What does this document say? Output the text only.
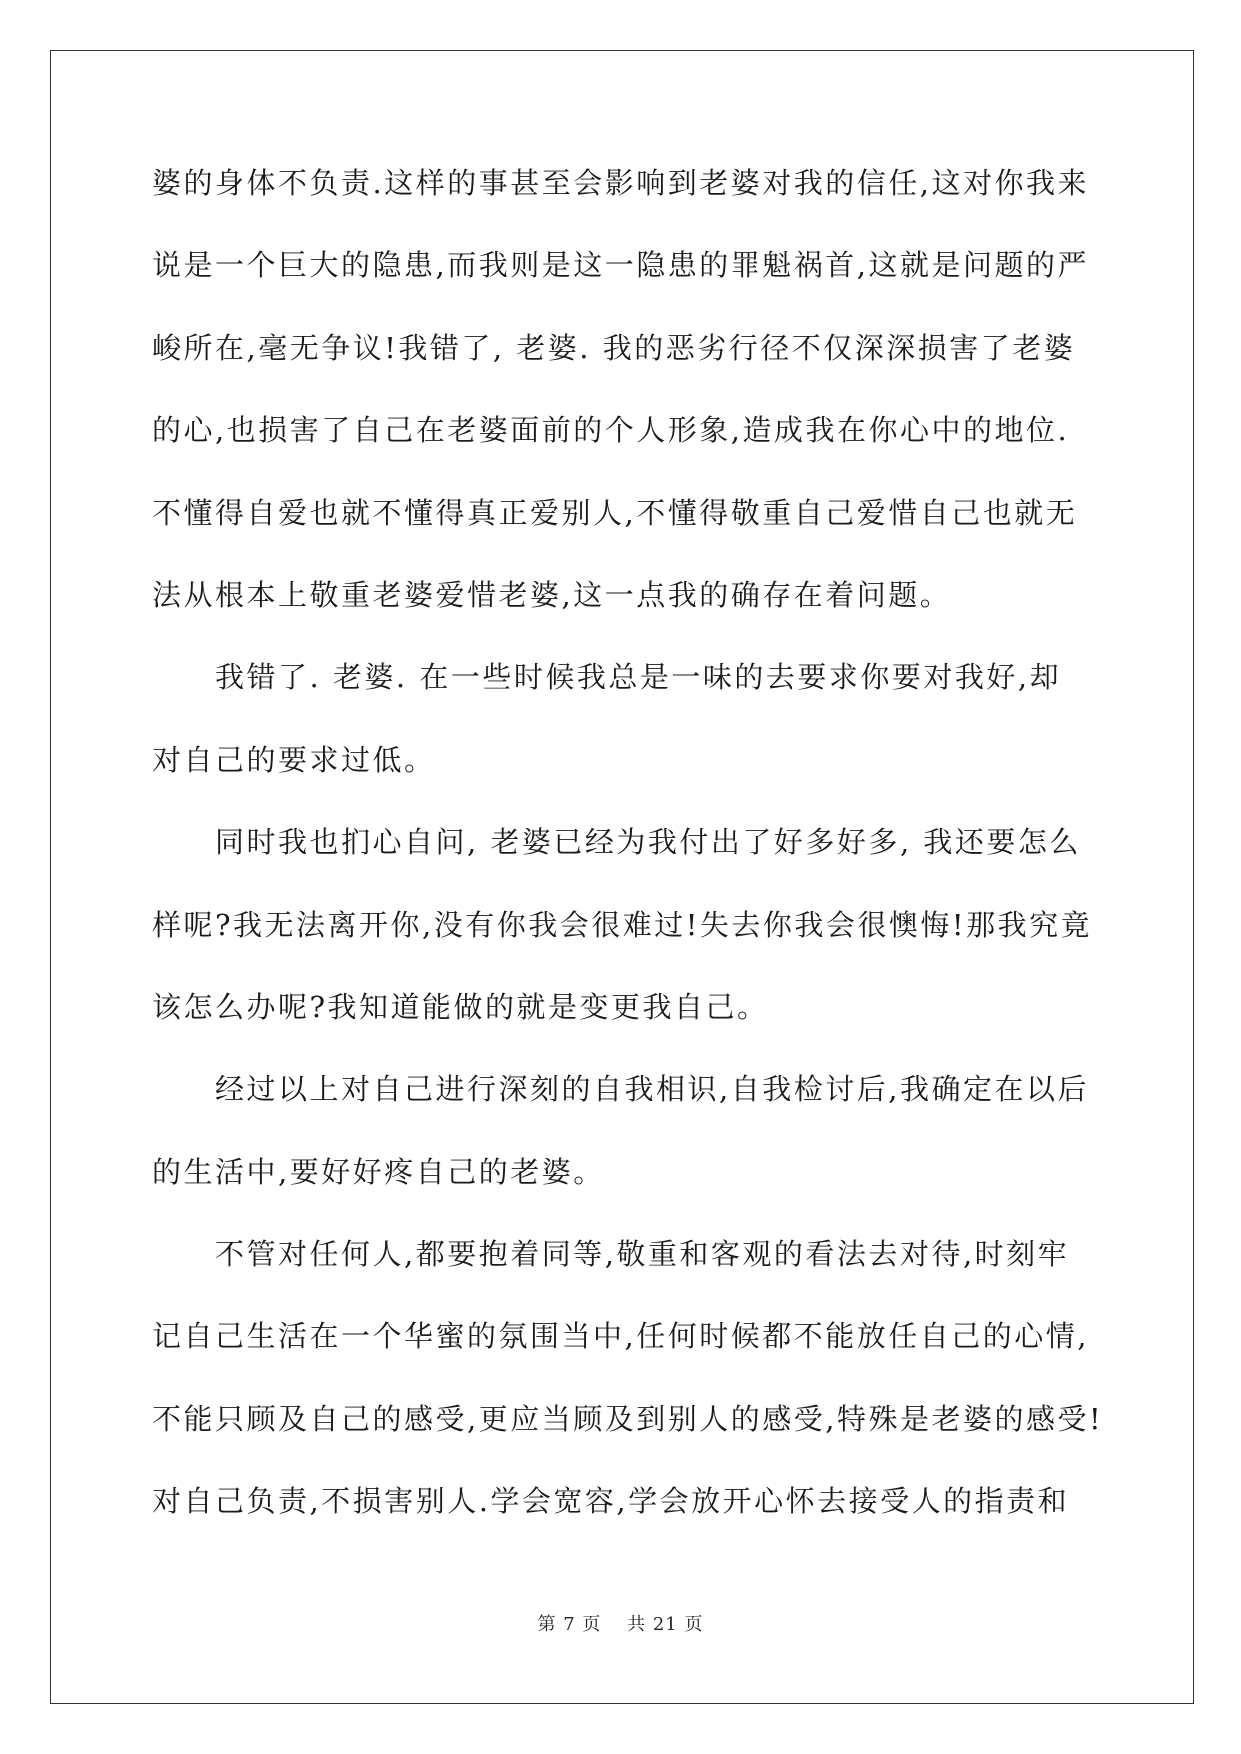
婆的身体不负责.这样的事甚至会影响到老婆对我的信任,这对你我来
说是一个巨大的隐患,而我则是这一隐患的罪魁祸首,这就是问题的严
峻所在,毫无争议!我错了, 老婆. 我的恶劣行径不仅深深损害了老婆
的心,也损害了自己在老婆面前的个人形象,造成我在你心中的地位.
不懂得自爱也就不懂得真正爱别人,不懂得敬重自己爱惜自己也就无
法从根本上敬重老婆爱惜老婆,这一点我的确存在着问题。
我错了. 老婆. 在一些时候我总是一味的去要求你要对我好,却
对自己的要求过低。
同时我也扪心自问, 老婆已经为我付出了好多好多, 我还要怎么
样呢?我无法离开你,没有你我会很难过!失去你我会很懊悔!那我究竟
该怎么办呢?我知道能做的就是变更我自己。
经过以上对自己进行深刻的自我相识,自我检讨后,我确定在以后
的生活中,要好好疼自己的老婆。
不管对任何人,都要抱着同等,敬重和客观的看法去对待,时刻牢
记自己生活在一个华蜜的氛围当中,任何时候都不能放任自己的心情,
不能只顾及自己的感受,更应当顾及到别人的感受,特殊是老婆的感受!
对自己负责,不损害别人.学会宽容,学会放开心怀去接受人的指责和
第 7 页　 共 21 页
